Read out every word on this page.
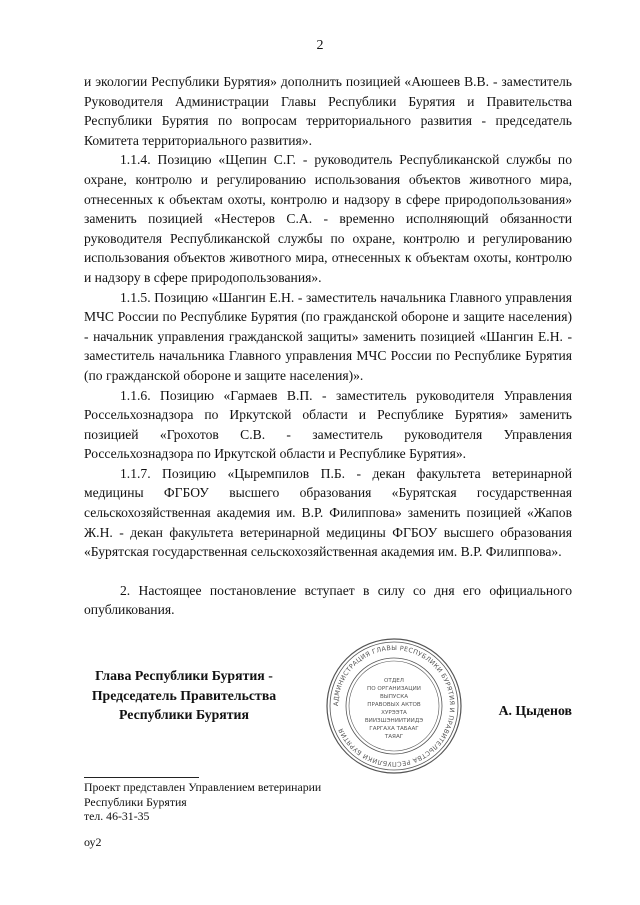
2

и экологии Республики Бурятия» дополнить позицией «Аюшеев В.В. - заместитель Руководителя Администрации Главы Республики Бурятия и Правительства Республики Бурятия по вопросам территориального развития - председатель Комитета территориального развития».

1.1.4. Позицию «Щепин С.Г. - руководитель Республиканской службы по охране, контролю и регулированию использования объектов животного мира, отнесенных к объектам охоты, контролю и надзору в сфере природопользования» заменить позицией «Нестеров С.А. - временно исполняющий обязанности руководителя Республиканской службы по охране, контролю и регулированию использования объектов животного мира, отнесенных к объектам охоты, контролю и надзору в сфере природопользования».

1.1.5. Позицию «Шангин Е.Н. - заместитель начальника Главного управления МЧС России по Республике Бурятия (по гражданской обороне и защите населения) - начальник управления гражданской защиты» заменить позицией «Шангин Е.Н. - заместитель начальника Главного управления МЧС России по Республике Бурятия (по гражданской обороне и защите населения)».

1.1.6. Позицию «Гармаев В.П. - заместитель руководителя Управления Россельхознадзора по Иркутской области и Республике Бурятия» заменить позицией «Грохотов С.В. - заместитель руководителя Управления Россельхознадзора по Иркутской области и Республике Бурятия».

1.1.7. Позицию «Цыремпилов П.Б. - декан факультета ветеринарной медицины ФГБОУ высшего образования «Бурятская государственная сельскохозяйственная академия им. В.Р. Филиппова» заменить позицией «Жапов Ж.Н. - декан факультета ветеринарной медицины ФГБОУ высшего образования «Бурятская государственная сельскохозяйственная академия им. В.Р. Филиппова».

2. Настоящее постановление вступает в силу со дня его официального опубликования.

Глава Республики Бурятия -
Председатель Правительства
Республики Бурятия
АДМИНИСТРАЦИЯ ГЛАВЫ РЕСПУБЛИКИ БУРЯТИЯ И ПРАВИТЕЛЬСТВА РЕСПУБЛИКИ БУРЯТИЯ
ОТДЕЛ
ПО ОРГАНИЗАЦИИ
ВЫПУСКА
ПРАВОВЫХ АКТОВ
ХУРЭЭТА
ВИИЗШЭНИИТИИДЭ
ГАРГАХА ТАБААГ
ТАЯАГ
А. Цыденов
Проект представлен Управлением ветеринарии
Республики Бурятия
тел. 46-31-35
оу2
